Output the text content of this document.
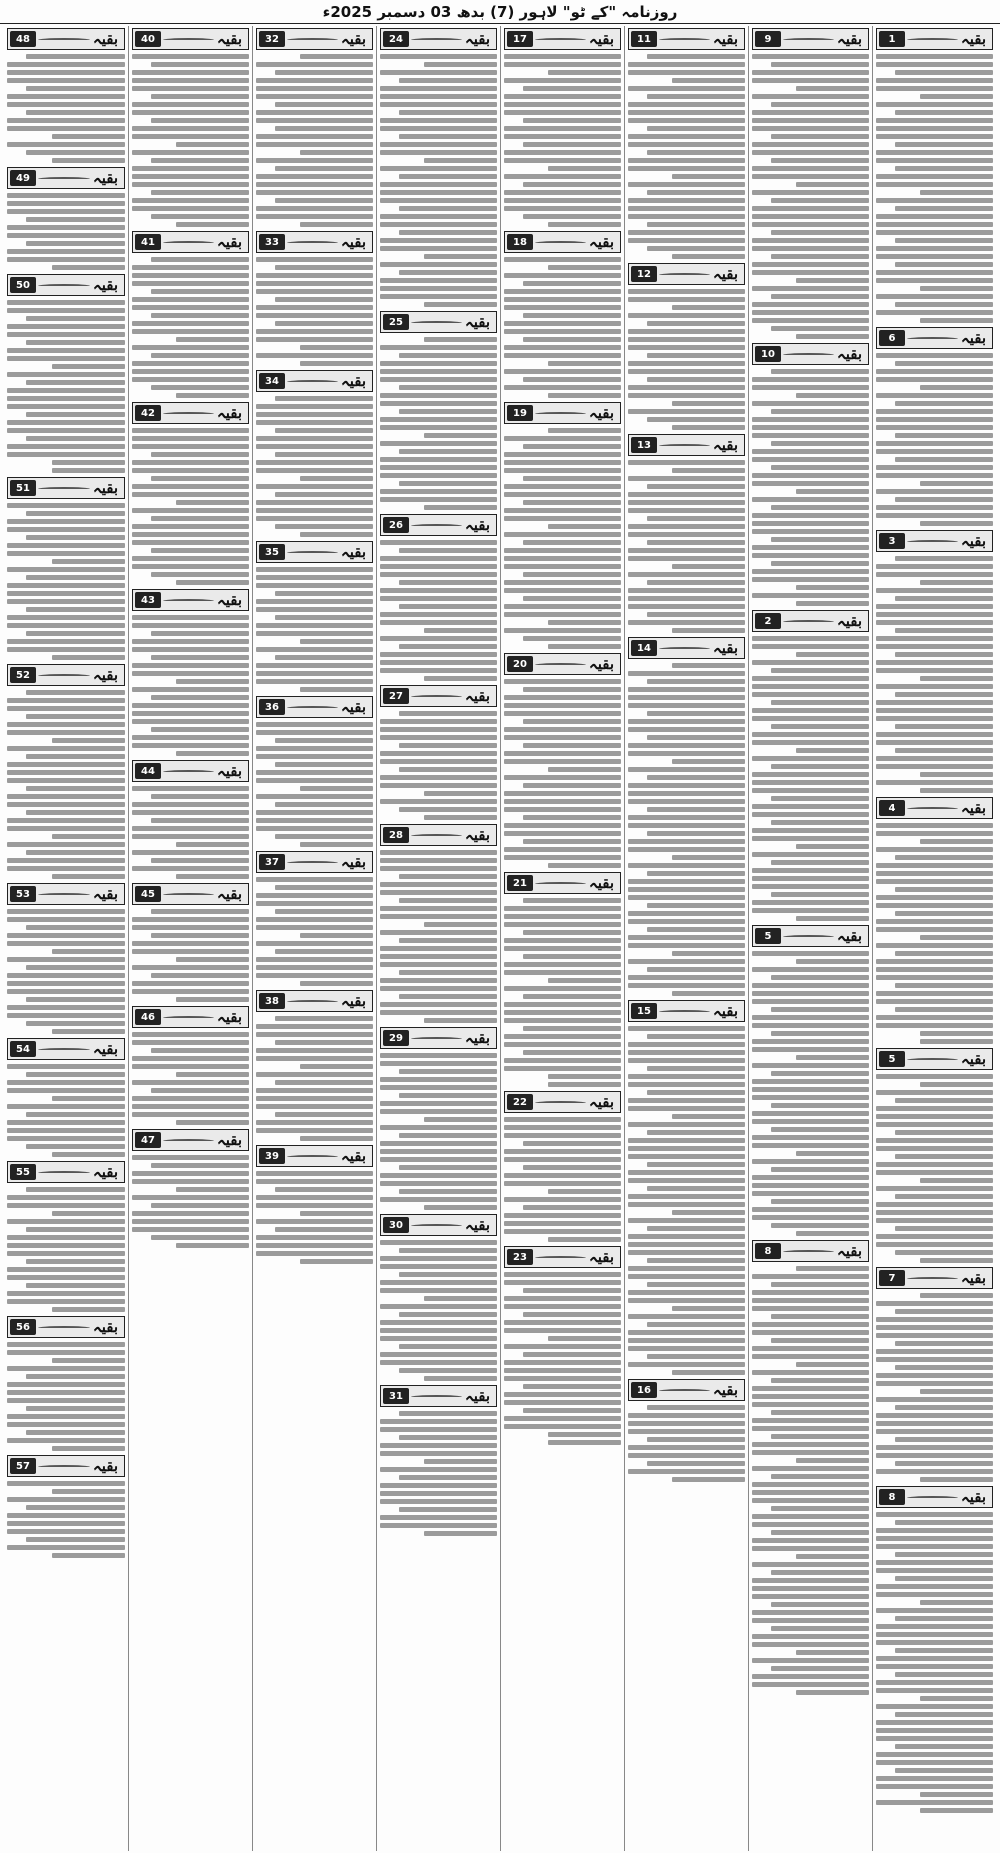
روزنامہ "کے ٹو" لاہور (7) بدھ 03 دسمبر 2025ء
1	بقیہ
6	بقیہ
3	بقیہ
4	بقیہ
5	بقیہ
7	بقیہ
8	بقیہ
9	بقیہ
10	بقیہ
2	بقیہ
5	بقیہ
8	بقیہ
11	بقیہ
12	بقیہ
13	بقیہ
14	بقیہ
15	بقیہ
16	بقیہ
17	بقیہ
18	بقیہ
19	بقیہ
20	بقیہ
21	بقیہ
22	بقیہ
23	بقیہ
24	بقیہ
25	بقیہ
26	بقیہ
27	بقیہ
28	بقیہ
29	بقیہ
30	بقیہ
31	بقیہ
32	بقیہ
33	بقیہ
34	بقیہ
35	بقیہ
36	بقیہ
37	بقیہ
38	بقیہ
39	بقیہ
40	بقیہ
41	بقیہ
42	بقیہ
43	بقیہ
44	بقیہ
45	بقیہ
46	بقیہ
47	بقیہ
48	بقیہ
49	بقیہ
50	بقیہ
51	بقیہ
52	بقیہ
53	بقیہ
54	بقیہ
55	بقیہ
56	بقیہ
57	بقیہ
